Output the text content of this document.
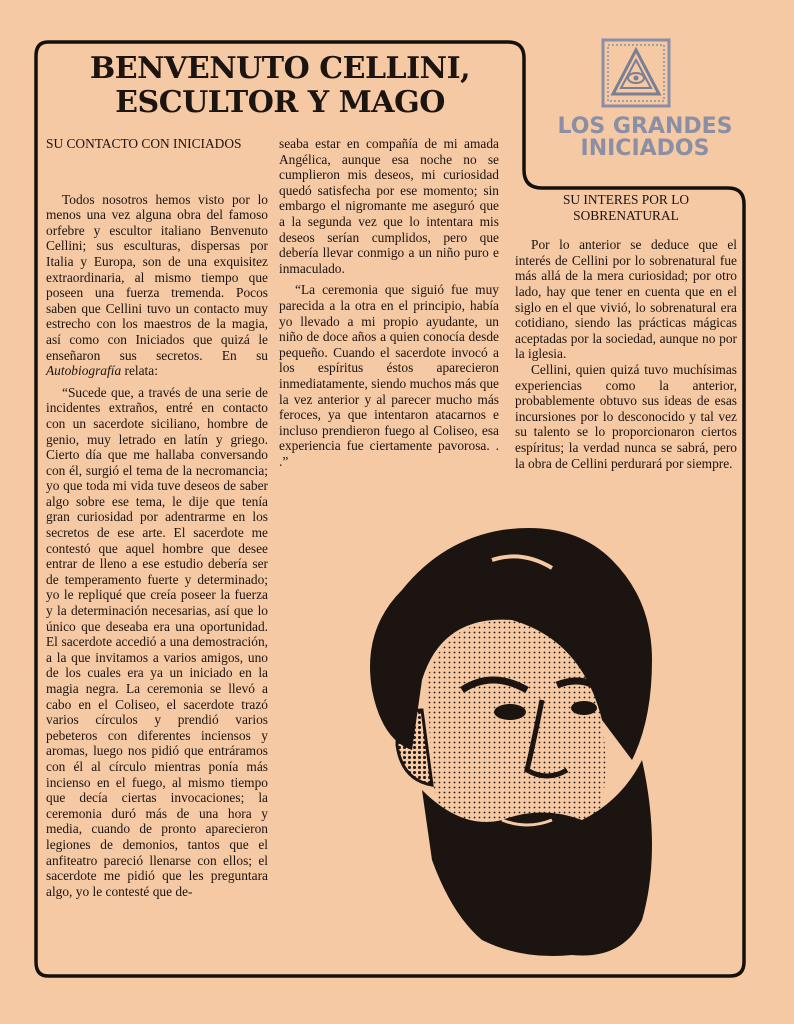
BENVENUTO CELLINI,
ESCULTOR Y MAGO
LOS GRANDES
INICIADOS
SU CONTACTO CON INICIADOS

Todos nosotros hemos visto por lo menos una vez alguna obra del famoso orfebre y escultor italiano Benvenuto Cellini; sus esculturas, dispersas por Italia y Europa, son de una exquisitez extraordinaria, al mismo tiempo que poseen una fuerza tremenda. Pocos saben que Cellini tuvo un contacto muy estrecho con los maestros de la magia, así como con Iniciados que quizá le enseñaron sus secretos. En su Autobiografía relata:

“Sucede que, a través de una serie de incidentes extraños, entré en contacto con un sacerdote siciliano, hombre de genio, muy letrado en latín y griego. Cierto día que me hallaba conversando con él, surgió el tema de la necromancia; yo que toda mi vida tuve deseos de saber algo sobre ese tema, le dije que tenía gran curiosidad por adentrarme en los secretos de ese arte. El sacerdote me contestó que aquel hombre que desee entrar de lleno a ese estudio debería ser de temperamento fuerte y determinado; yo le repliqué que creía poseer la fuerza y la determinación necesarias, así que lo único que deseaba era una oportunidad. El sacerdote accedió a una demostración, a la que invitamos a varios amigos, uno de los cuales era ya un iniciado en la magia negra. La ceremonia se llevó a cabo en el Coliseo, el sacerdote trazó varios círculos y prendió varios pebeteros con diferentes inciensos y aromas, luego nos pidió que entráramos con él al círculo mientras ponía más incienso en el fuego, al mismo tiempo que decía ciertas invocaciones; la ceremonia duró más de una hora y media, cuando de pronto aparecieron legiones de demonios, tantos que el anfiteatro pareció llenarse con ellos; el sacerdote me pidió que les preguntara algo, yo le contesté que de-

seaba estar en compañía de mi amada Angélica, aunque esa noche no se cumplieron mis deseos, mi curiosidad quedó satisfecha por ese momento; sin embargo el nigromante me aseguró que a la segunda vez que lo intentara mis deseos serían cumplidos, pero que debería llevar conmigo a un niño puro e inmaculado.

“La ceremonia que siguió fue muy parecida a la otra en el principio, había yo llevado a mi propio ayudante, un niño de doce años a quien conocía desde pequeño. Cuando el sacerdote invocó a los espíritus éstos aparecieron inmediatamente, siendo muchos más que la vez anterior y al parecer mucho más feroces, ya que intentaron atacarnos e incluso prendieron fuego al Coliseo, esa experiencia fue ciertamente pavorosa. . .”

SU INTERES POR LO SOBRENATURAL

Por lo anterior se deduce que el interés de Cellini por lo sobrenatural fue más allá de la mera curiosidad; por otro lado, hay que tener en cuenta que en el siglo en el que vivió, lo sobrenatural era cotidiano, siendo las prácticas mágicas aceptadas por la sociedad, aunque no por la iglesia.

Cellini, quien quizá tuvo muchísimas experiencias como la anterior, probablemente obtuvo sus ideas de esas incursiones por lo desconocido y tal vez su talento se lo proporcionaron ciertos espíritus; la verdad nunca se sabrá, pero la obra de Cellini perdurará por siempre.
